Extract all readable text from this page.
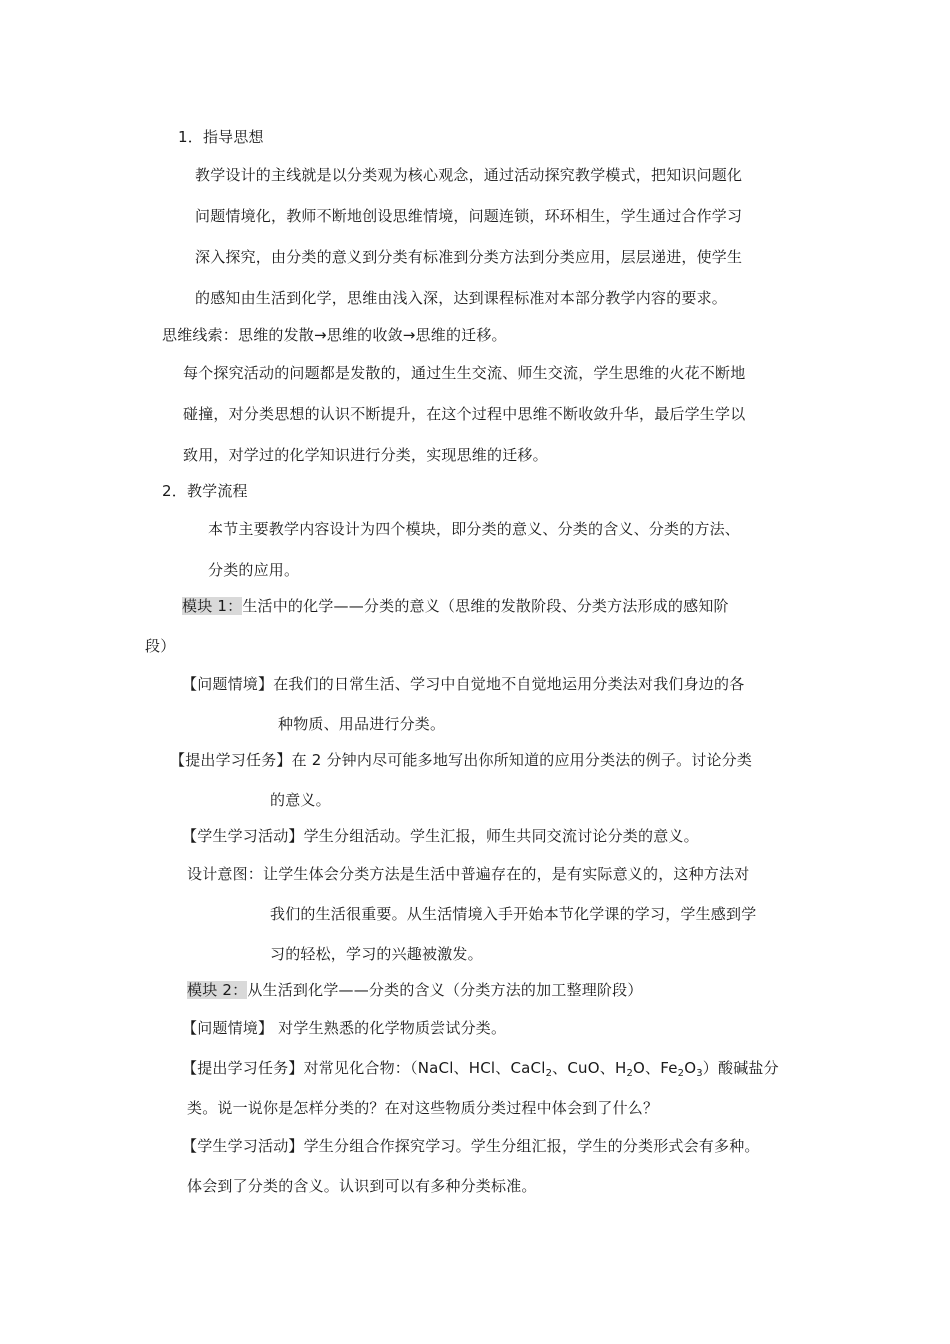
1．指导思想
教学设计的主线就是以分类观为核心观念，通过活动探究教学模式，把知识问题化
问题情境化，教师不断地创设思维情境，问题连锁，环环相生，学生通过合作学习
深入探究，由分类的意义到分类有标准到分类方法到分类应用，层层递进，使学生
的感知由生活到化学，思维由浅入深，达到课程标准对本部分教学内容的要求。
思维线索：思维的发散→思维的收敛→思维的迁移。
每个探究活动的问题都是发散的，通过生生交流、师生交流，学生思维的火花不断地
碰撞，对分类思想的认识不断提升，在这个过程中思维不断收敛升华，最后学生学以
致用，对学过的化学知识进行分类，实现思维的迁移。
2．教学流程
本节主要教学内容设计为四个模块，即分类的意义、分类的含义、分类的方法、
分类的应用。
模块 1：生活中的化学——分类的意义（思维的发散阶段、分类方法形成的感知阶
段）
【问题情境】在我们的日常生活、学习中自觉地不自觉地运用分类法对我们身边的各
种物质、用品进行分类。
【提出学习任务】在 2 分钟内尽可能多地写出你所知道的应用分类法的例子。讨论分类
的意义。
【学生学习活动】学生分组活动。学生汇报，师生共同交流讨论分类的意义。
设计意图：让学生体会分类方法是生活中普遍存在的，是有实际意义的，这种方法对
我们的生活很重要。从生活情境入手开始本节化学课的学习，学生感到学
习的轻松，学习的兴趣被激发。
模块 2：从生活到化学——分类的含义（分类方法的加工整理阶段）
【问题情境】 对学生熟悉的化学物质尝试分类。
【提出学习任务】对常见化合物：（NaCl、HCl、CaCl$_2$、CuO、$H_2O$、$Fe_2O_3$）酸碱盐分
类。说一说你是怎样分类的？在对这些物质分类过程中体会到了什么？
【学生学习活动】学生分组合作探究学习。学生分组汇报，学生的分类形式会有多种。
体会到了分类的含义。认识到可以有多种分类标准。
